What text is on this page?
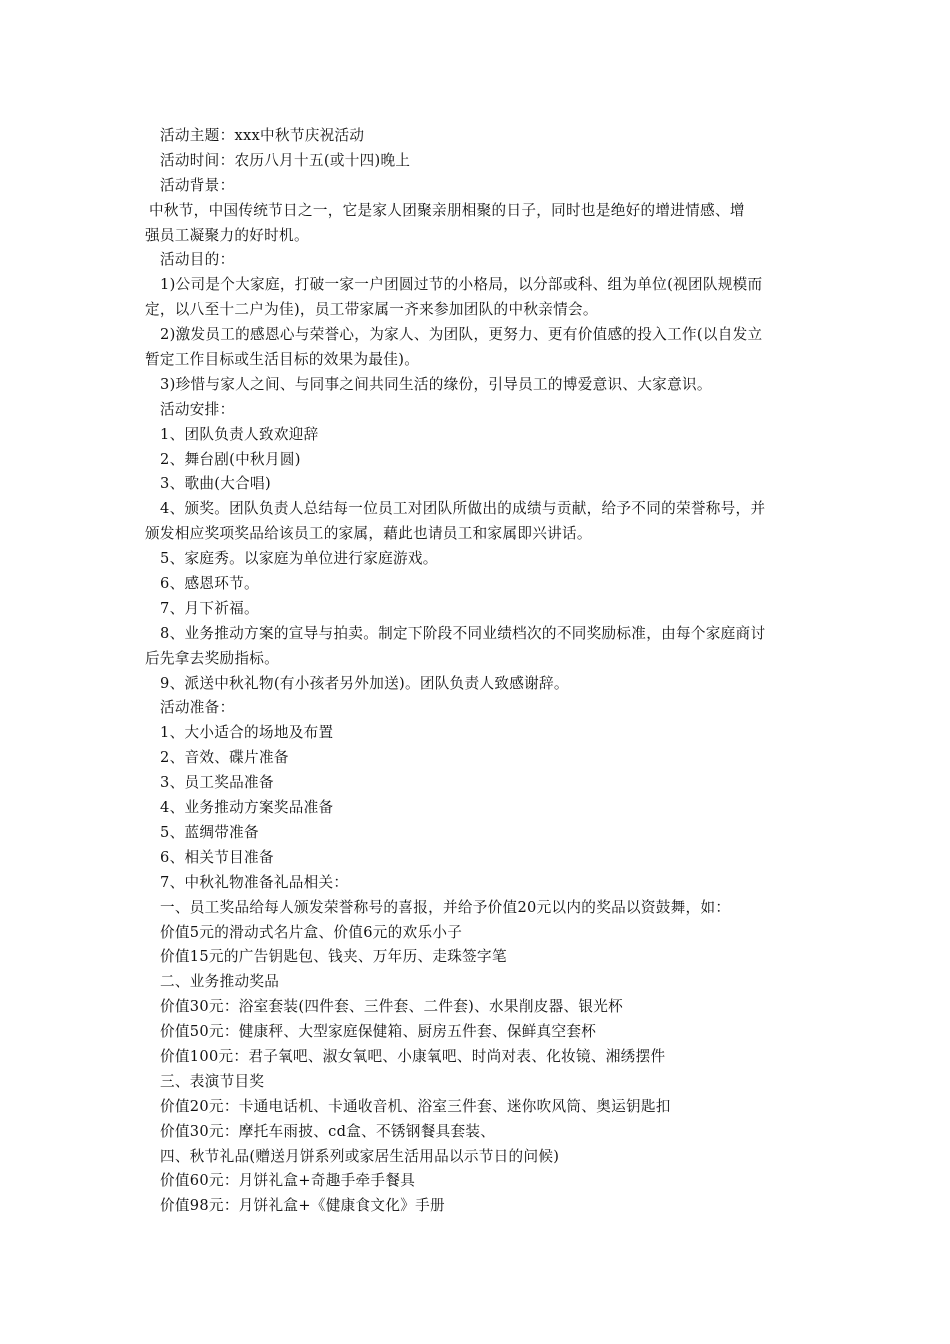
活动主题：xxx中秋节庆祝活动
活动时间：农历八月十五(或十四)晚上
活动背景：
中秋节，中国传统节日之一，它是家人团聚亲朋相聚的日子，同时也是绝好的增进情感、增
强员工凝聚力的好时机。
活动目的：
1)公司是个大家庭，打破一家一户团圆过节的小格局，以分部或科、组为单位(视团队规模而
定，以八至十二户为佳)，员工带家属一齐来参加团队的中秋亲情会。
2)激发员工的感恩心与荣誉心，为家人、为团队，更努力、更有价值感的投入工作(以自发立
暂定工作目标或生活目标的效果为最佳)。
3)珍惜与家人之间、与同事之间共同生活的缘份，引导员工的博爱意识、大家意识。
活动安排：
1、团队负责人致欢迎辞
2、舞台剧(中秋月圆)
3、歌曲(大合唱)
4、颁奖。团队负责人总结每一位员工对团队所做出的成绩与贡献，给予不同的荣誉称号，并
颁发相应奖项奖品给该员工的家属，藉此也请员工和家属即兴讲话。
5、家庭秀。以家庭为单位进行家庭游戏。
6、感恩环节。
7、月下祈福。
8、业务推动方案的宣导与拍卖。制定下阶段不同业绩档次的不同奖励标准，由每个家庭商讨
后先拿去奖励指标。
9、派送中秋礼物(有小孩者另外加送)。团队负责人致感谢辞。
活动准备：
1、大小适合的场地及布置
2、音效、碟片准备
3、员工奖品准备
4、业务推动方案奖品准备
5、蓝绸带准备
6、相关节目准备
7、中秋礼物准备礼品相关：
一、员工奖品给每人颁发荣誉称号的喜报，并给予价值20元以内的奖品以资鼓舞，如：
价值5元的滑动式名片盒、价值6元的欢乐小子
价值15元的广告钥匙包、钱夹、万年历、走珠签字笔
二、业务推动奖品
价值30元：浴室套装(四件套、三件套、二件套)、水果削皮器、银光杯
价值50元：健康秤、大型家庭保健箱、厨房五件套、保鲜真空套杯
价值100元：君子氧吧、淑女氧吧、小康氧吧、时尚对表、化妆镜、湘绣摆件
三、表演节目奖
价值20元：卡通电话机、卡通收音机、浴室三件套、迷你吹风筒、奥运钥匙扣
价值30元：摩托车雨披、cd盒、不锈钢餐具套装、
四、秋节礼品(赠送月饼系列或家居生活用品以示节日的问候)
价值60元：月饼礼盒+奇趣手牵手餐具
价值98元：月饼礼盒+《健康食文化》手册
